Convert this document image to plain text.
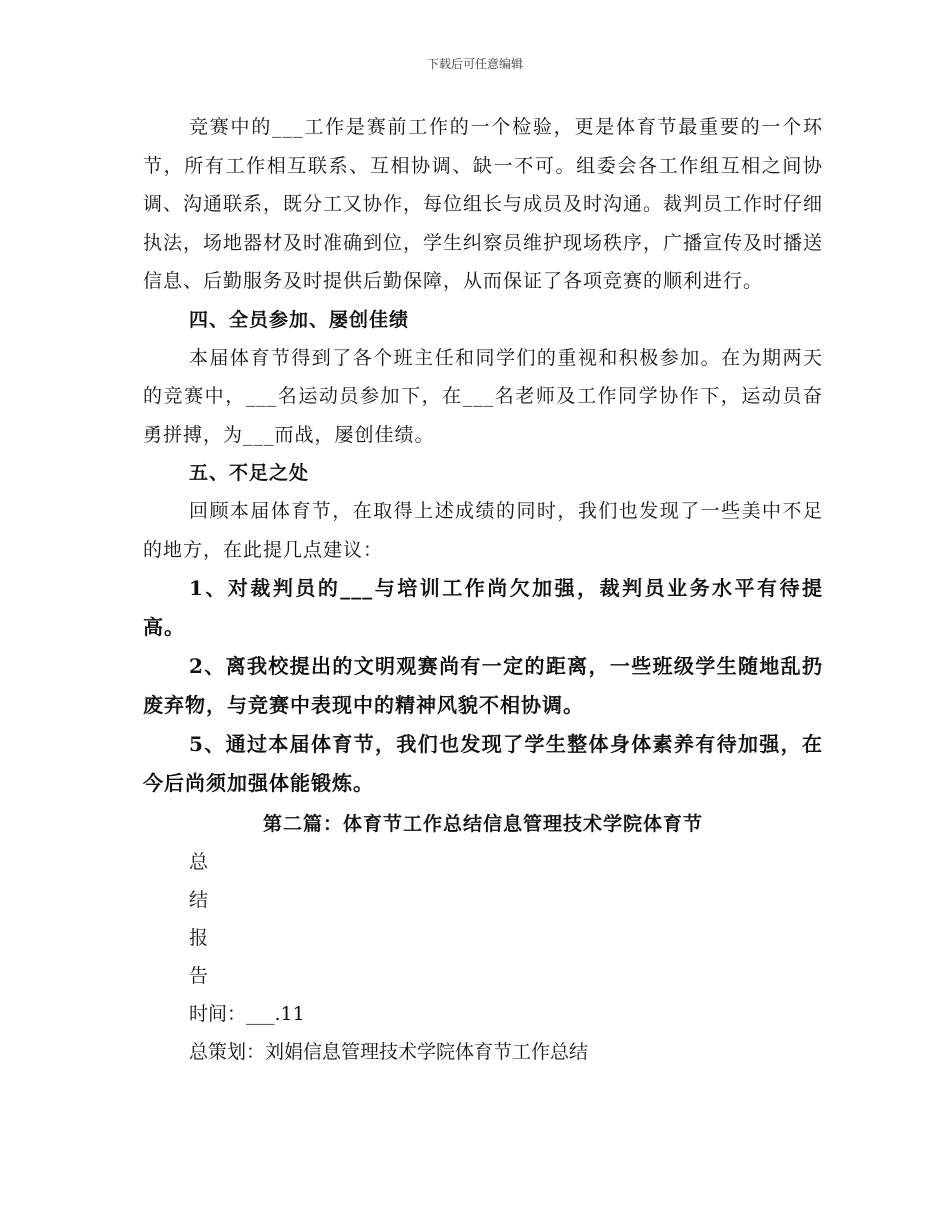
下载后可任意编辑

竞赛中的___工作是赛前工作的一个检验，更是体育节最重要的一个环节，所有工作相互联系、互相协调、缺一不可。组委会各工作组互相之间协调、沟通联系，既分工又协作，每位组长与成员及时沟通。裁判员工作时仔细执法，场地器材及时准确到位，学生纠察员维护现场秩序，广播宣传及时播送信息、后勤服务及时提供后勤保障，从而保证了各项竞赛的顺利进行。

四、全员参加、屡创佳绩

本届体育节得到了各个班主任和同学们的重视和积极参加。在为期两天的竞赛中，___名运动员参加下，在___名老师及工作同学协作下，运动员奋勇拼搏，为___而战，屡创佳绩。

五、不足之处

回顾本届体育节，在取得上述成绩的同时，我们也发现了一些美中不足的地方，在此提几点建议：

1、对裁判员的___与培训工作尚欠加强，裁判员业务水平有待提高。

2、离我校提出的文明观赛尚有一定的距离，一些班级学生随地乱扔废弃物，与竞赛中表现中的精神风貌不相协调。

5、通过本届体育节，我们也发现了学生整体身体素养有待加强，在今后尚须加强体能锻炼。

第二篇：体育节工作总结信息管理技术学院体育节

总
结
报
告
时间：___.11
总策划：刘娟信息管理技术学院体育节工作总结
